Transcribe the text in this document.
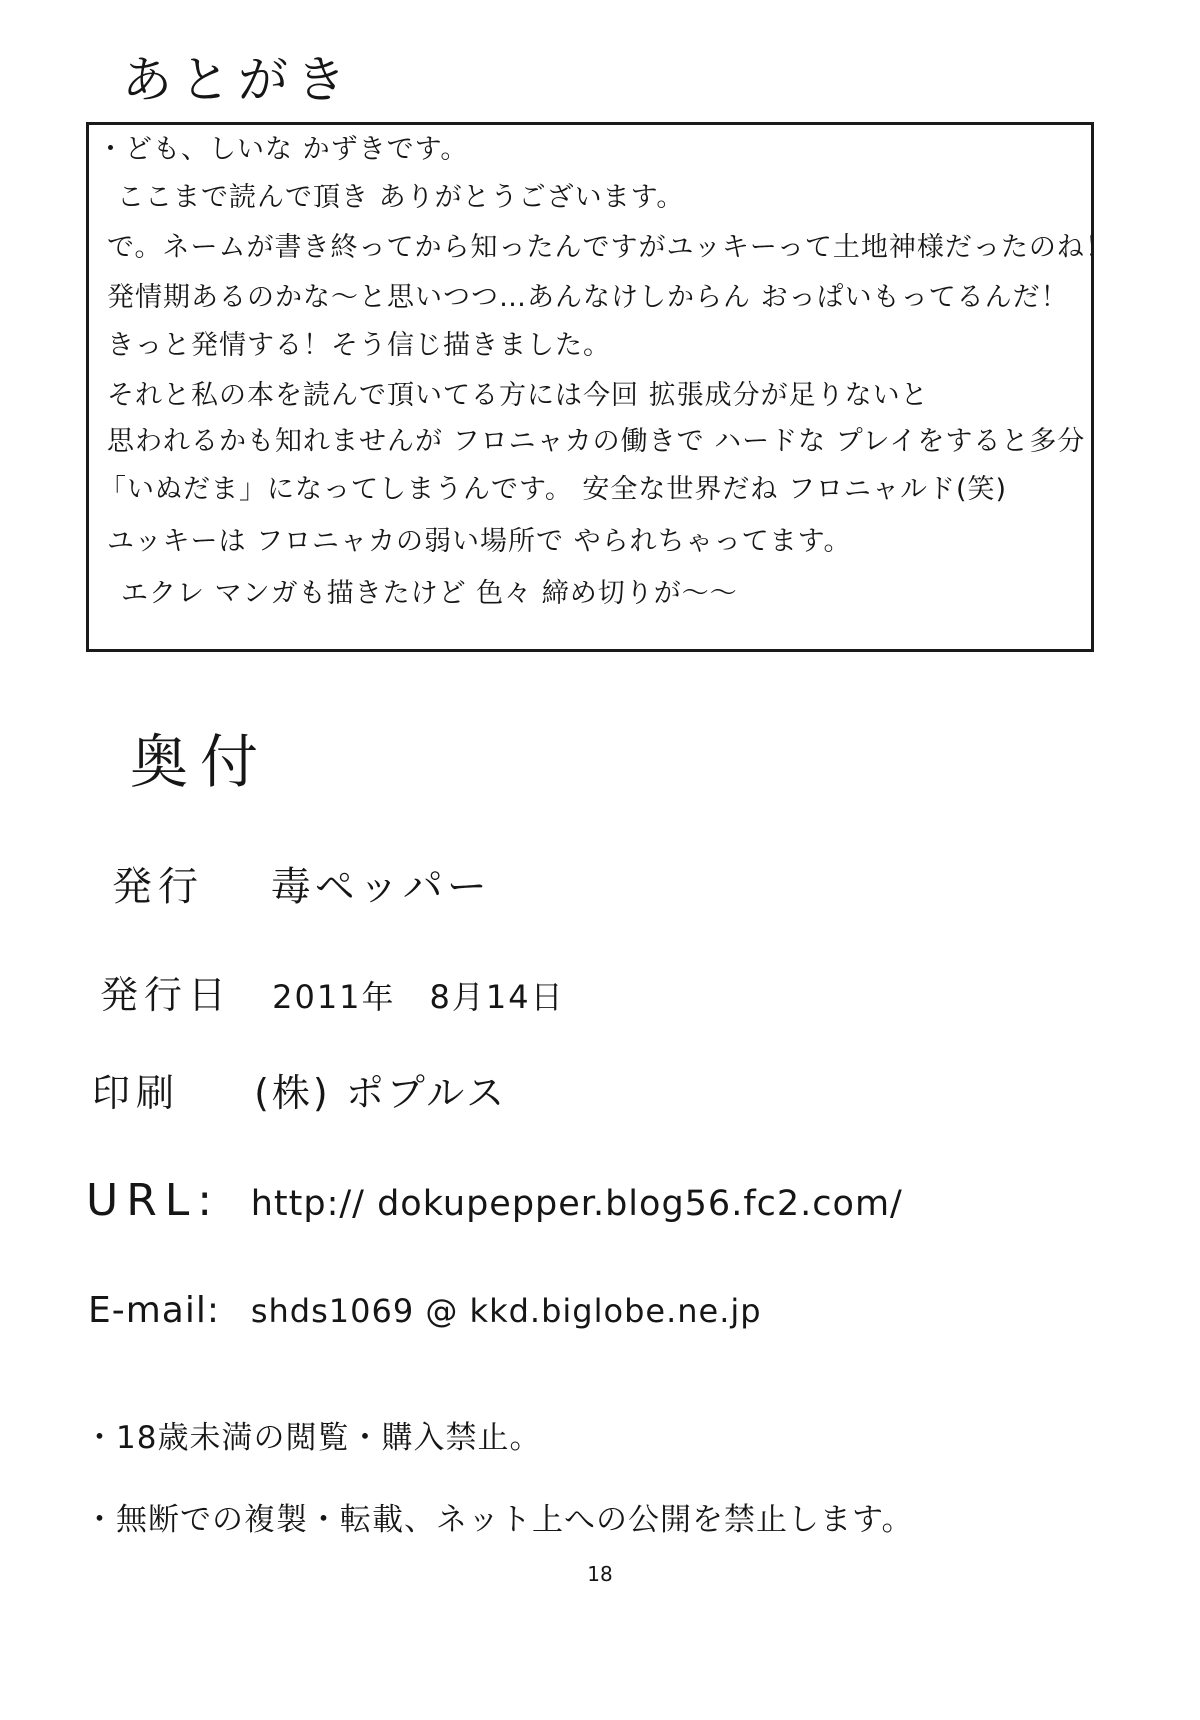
あとがき
・ども、しいな かずきです。
ここまで読んで頂き ありがとうございます。
で。ネームが書き終ってから知ったんですがユッキーって土地神様だったのね！
発情期あるのかな〜と思いつつ…あんなけしからん おっぱいもってるんだ！
きっと発情する！そう信じ描きました。
それと私の本を読んで頂いてる方には今回 拡張成分が足りないと
思われるかも知れませんが フロニャカの働きで ハードな プレイをすると多分
「いぬだま」になってしまうんです。 安全な世界だね フロニャルド(笑)
ユッキーは フロニャカの弱い場所で やられちゃってます。
エクレ マンガも描きたけど 色々 締め切りが〜〜
奥付
発行 毒ペッパー
発行日 2011年　8月14日
印刷 (株) ポプルス
URL: http:// dokupepper.blog56.fc2.com/
E-mail: shds1069 @ kkd.biglobe.ne.jp
・18歳未満の閲覧・購入禁止。
・無断での複製・転載、ネット上への公開を禁止します。
18
